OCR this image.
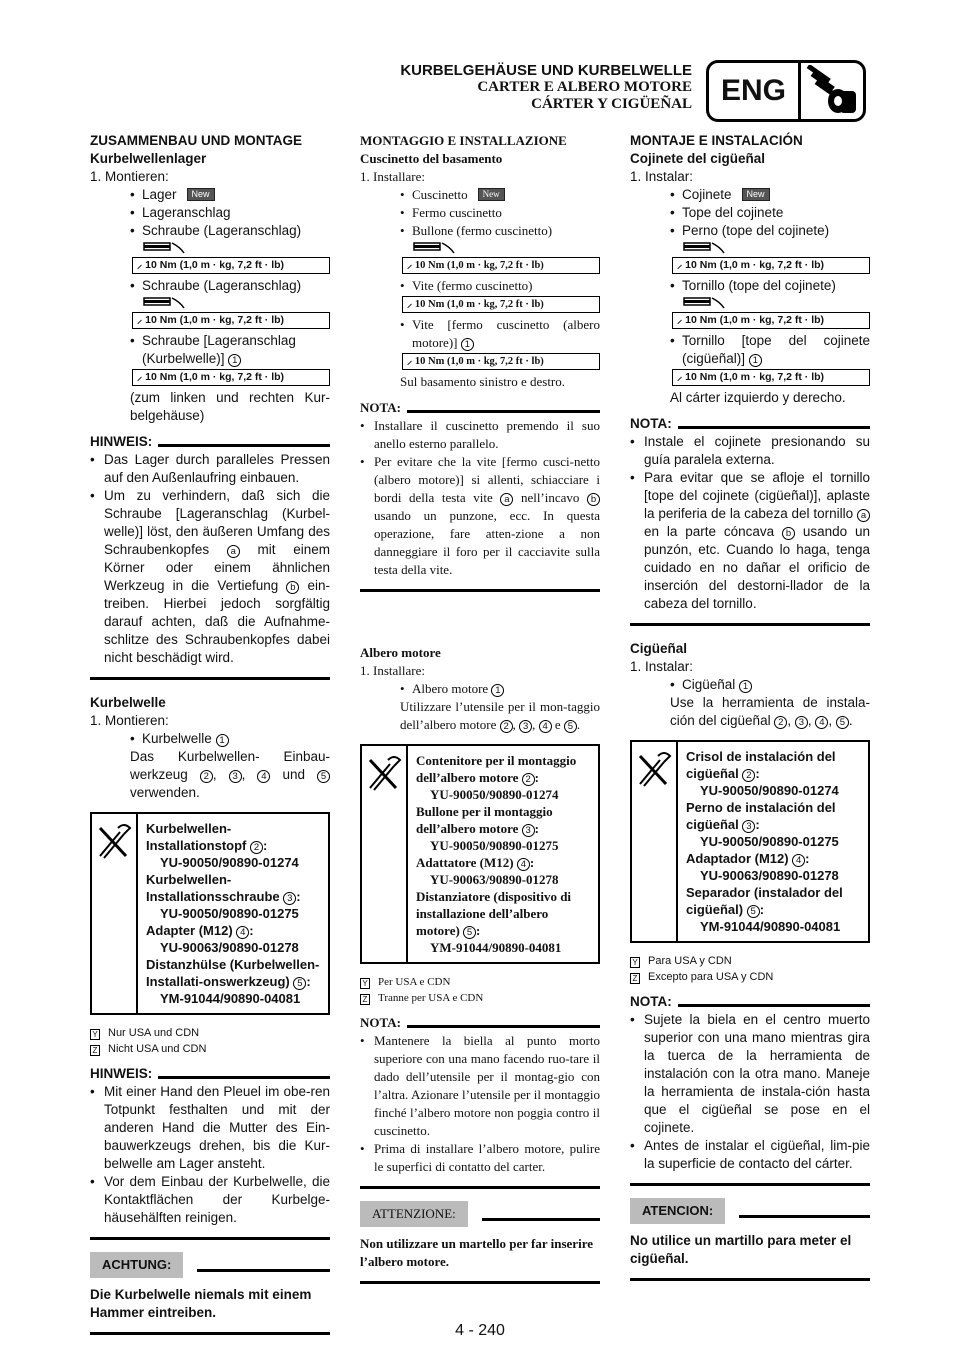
KURBELGEHÄUSE UND KURBELWELLE
CARTER E ALBERO MOTORE
CÁRTER Y CIGÜEÑAL ENG
ZUSAMMENBAU UND MONTAGE
Kurbelwellenlager
1. Montieren:
• Lager New
• Lageranschlag
• Schraube (Lageranschlag)
⸝ 10 Nm (1,0 m · kg, 7,2 ft · lb)
• Schraube (Lageranschlag)
⸝ 10 Nm (1,0 m · kg, 7,2 ft · lb)
• Schraube [Lageranschlag (Kurbelwelle)] 1
⸝ 10 Nm (1,0 m · kg, 7,2 ft · lb)
(zum linken und rechten Kur-belgehäuse)
HINWEIS:
• Das Lager durch paralleles Pressen auf den Außenlaufring einbauen.
• Um zu verhindern, daß sich die Schraube [Lageranschlag (Kurbel-welle)] löst, den äußeren Umfang des Schraubenkopfes a mit einem Körner oder einem ähnlichen Werkzeug in die Vertiefung b ein-treiben. Hierbei jedoch sorgfältig darauf achten, daß die Aufnahme-schlitze des Schraubenkopfes dabei nicht beschädigt wird.
Kurbelwelle
1. Montieren:
• Kurbelwelle 1
Das Kurbelwellen- Einbau-werkzeug 2 , 3 , 4 und 5 verwenden.
Kurbelwellen-Installationstopf 2 :
YU-90050/90890-01274
Kurbelwellen-Installationsschraube 3 :
YU-90050/90890-01275
Adapter (M12) 4 :
YU-90063/90890-01278
Distanzhülse (Kurbelwellen-Installati-onswerkzeug) 5 :
YM-91044/90890-04081
Y Nur USA und CDN
Z Nicht USA und CDN
HINWEIS:
• Mit einer Hand den Pleuel im obe-ren Totpunkt festhalten und mit der anderen Hand die Mutter des Ein-bauwerkzeugs drehen, bis die Kur-belwelle am Lager ansteht.
• Vor dem Einbau der Kurbelwelle, die Kontaktflächen der Kurbelge-häusehälften reinigen.
ACHTUNG:
Die Kurbelwelle niemals mit einem Hammer eintreiben.
MONTAGGIO E INSTALLAZIONE
Cuscinetto del basamento
1. Installare:
• Cuscinetto New
• Fermo cuscinetto
• Bullone (fermo cuscinetto)
⸝ 10 Nm (1,0 m · kg, 7,2 ft · lb)
• Vite (fermo cuscinetto)
⸝ 10 Nm (1,0 m · kg, 7,2 ft · lb)
• Vite [fermo cuscinetto (albero motore)] 1
⸝ 10 Nm (1,0 m · kg, 7,2 ft · lb)
Sul basamento sinistro e destro.
NOTA:
• Installare il cuscinetto premendo il suo anello esterno parallelo.
• Per evitare che la vite [fermo cusci-netto (albero motore)] si allenti, schiacciare i bordi della testa vite a nell’incavo b usando un punzone, ecc. In questa operazione, fare atten-zione a non danneggiare il foro per il cacciavite sulla testa della vite.
Albero motore
1. Installare:
• Albero motore 1
Utilizzare l’utensile per il mon-taggio dell’albero motore 2 , 3 , 4 e 5 .
Contenitore per il montaggio dell’albero motore 2 :
YU-90050/90890-01274
Bullone per il montaggio dell’albero motore 3 :
YU-90050/90890-01275
Adattatore (M12) 4 :
YU-90063/90890-01278
Distanziatore (dispositivo di installazione dell’albero motore) 5 :
YM-91044/90890-04081
Y Per USA e CDN
Z Tranne per USA e CDN
NOTA:
• Mantenere la biella al punto morto superiore con una mano facendo ruo-tare il dado dell’utensile per il montag-gio con l’altra. Azionare l’utensile per il montaggio finché l’albero motore non poggia contro il cuscinetto.
• Prima di installare l’albero motore, pulire le superfici di contatto del carter.
ATTENZIONE:
Non utilizzare un martello per far inserire l’albero motore.
MONTAJE E INSTALACIÓN
Cojinete del cigüeñal
1. Instalar:
• Cojinete New
• Tope del cojinete
• Perno (tope del cojinete)
⸝ 10 Nm (1,0 m · kg, 7,2 ft · lb)
• Tornillo (tope del cojinete)
⸝ 10 Nm (1,0 m · kg, 7,2 ft · lb)
• Tornillo [tope del cojinete (cigüeñal)] 1
⸝ 10 Nm (1,0 m · kg, 7,2 ft · lb)
Al cárter izquierdo y derecho.
NOTA:
• Instale el cojinete presionando su guía paralela externa.
• Para evitar que se afloje el tornillo [tope del cojinete (cigüeñal)], aplaste la periferia de la cabeza del tornillo a en la parte cóncava b usando un punzón, etc. Cuando lo haga, tenga cuidado en no dañar el orificio de inserción del destorni-llador de la cabeza del tornillo.
Cigüeñal
1. Instalar:
• Cigüeñal 1
Use la herramienta de instala-ción del cigüeñal 2 , 3 , 4 , 5 .
Crisol de instalación del cigüeñal 2 :
YU-90050/90890-01274
Perno de instalación del cigüeñal 3 :
YU-90050/90890-01275
Adaptador (M12) 4 :
YU-90063/90890-01278
Separador (instalador del cigüeñal) 5 :
YM-91044/90890-04081
Y Para USA y CDN
Z Excepto para USA y CDN
NOTA:
• Sujete la biela en el centro muerto superior con una mano mientras gira la tuerca de la herramienta de instalación con la otra mano. Maneje la herramienta de instala-ción hasta que el cigüeñal se pose en el cojinete.
• Antes de instalar el cigüeñal, lim-pie la superficie de contacto del cárter.
ATENCION:
No utilice un martillo para meter el cigüeñal.
4 - 240
